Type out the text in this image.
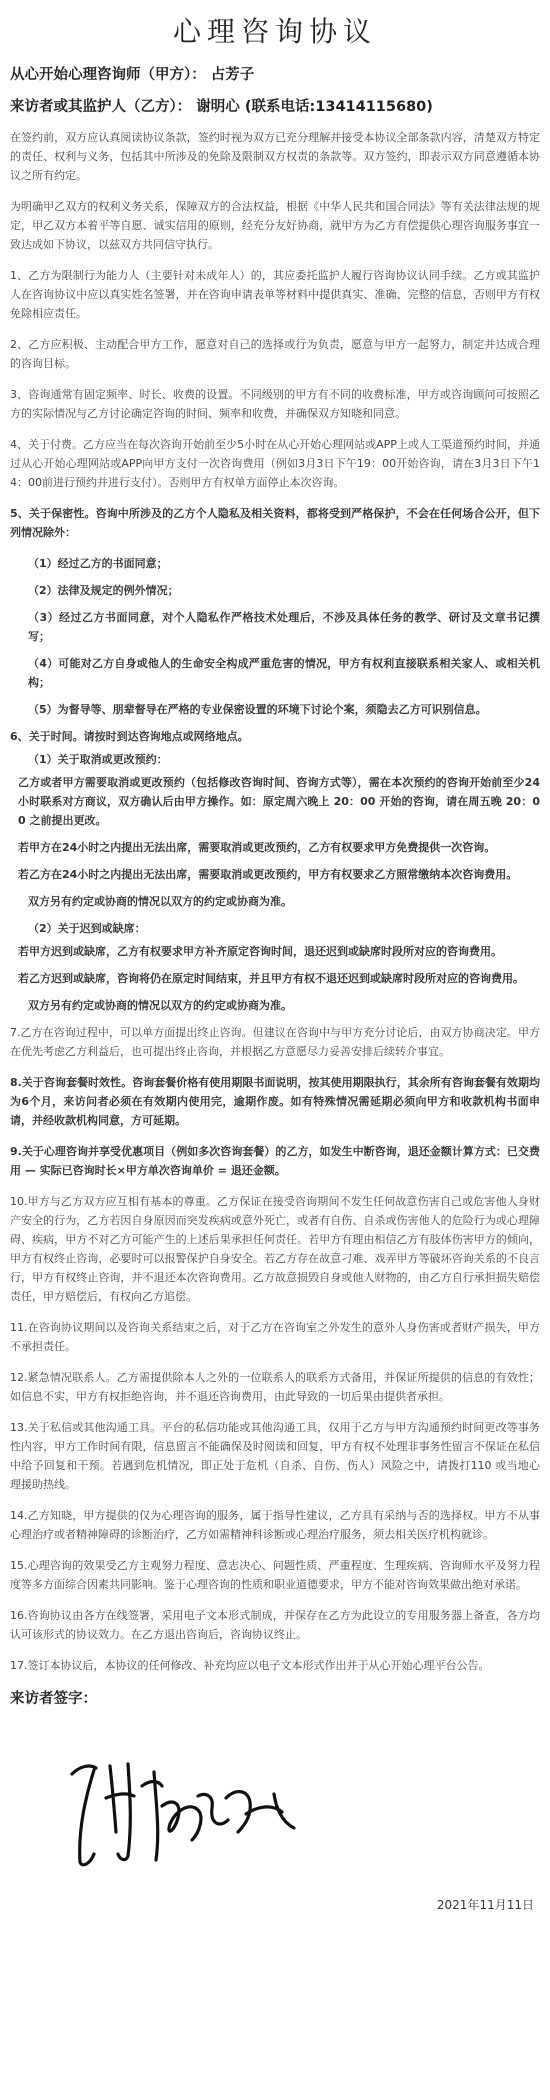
心理咨询协议
从心开始心理咨询师（甲方）： 占芳子
来访者或其监护人（乙方）： 谢明心 (联系电话:13414115680)

在签约前，双方应认真阅读协议条款，签约时视为双方已充分理解并接受本协议全部条款内容，清楚双方特定的责任、权利与义务，包括其中所涉及的免除及限制双方权责的条款等。双方签约，即表示双方同意遵循本协议之所有约定。

为明确甲乙双方的权利义务关系，保障双方的合法权益，根据《中华人民共和国合同法》等有关法律法规的规定，甲乙双方本着平等自愿、诚实信用的原则，经充分友好协商，就甲方为乙方有偿提供心理咨询服务事宜一致达成如下协议，以兹双方共同信守执行。

1、乙方为限制行为能力人（主要针对未成年人）的，其应委托监护人履行咨询协议认同手续。乙方或其监护人在咨询协议中应以真实姓名签署，并在咨询申请表单等材料中提供真实、准确、完整的信息，否则甲方有权免除相应责任。

2、乙方应积极、主动配合甲方工作，愿意对自己的选择或行为负责，愿意与甲方一起努力，制定并达成合理的咨询目标。

3、咨询通常有固定频率、时长、收费的设置。不同级别的甲方有不同的收费标准，甲方或咨询顾问可按照乙方的实际情况与乙方讨论确定咨询的时间、频率和收费，并确保双方知晓和同意。

4、关于付费。乙方应当在每次咨询开始前至少5小时在从心开始心理网站或APP上或人工渠道预约时间，并通过从心开始心理网站或APP向甲方支付一次咨询费用（例如3月3日下午19：00开始咨询，请在3月3日下午14：00前进行预约并进行支付）。否则甲方有权单方面停止本次咨询。

5、关于保密性。咨询中所涉及的乙方个人隐私及相关资料，都将受到严格保护，不会在任何场合公开，但下列情况除外：

（1）经过乙方的书面同意；

（2）法律及规定的例外情况；

（3）经过乙方书面同意，对个人隐私作严格技术处理后，不涉及具体任务的教学、研讨及文章书记撰写；

（4）可能对乙方自身或他人的生命安全构成严重危害的情况，甲方有权利直接联系相关家人、或相关机构；

（5）为督导等、朋辈督导在严格的专业保密设置的环境下讨论个案，须隐去乙方可识别信息。

6、关于时间。请按时到达咨询地点或网络地点。

（1）关于取消或更改预约：

乙方或者甲方需要取消或更改预约（包括修改咨询时间、咨询方式等），需在本次预约的咨询开始前至少24小时联系对方商议，双方确认后由甲方操作。如：原定周六晚上 20：00 开始的咨询，请在周五晚 20：00 之前提出更改。

若甲方在24小时之内提出无法出席，需要取消或更改预约，乙方有权要求甲方免费提供一次咨询。

若乙方在24小时之内提出无法出席，需要取消或更改预约，甲方有权要求乙方照常缴纳本次咨询费用。

双方另有约定或协商的情况以双方的约定或协商为准。

（2）关于迟到或缺席：

若甲方迟到或缺席，乙方有权要求甲方补齐原定咨询时间，退还迟到或缺席时段所对应的咨询费用。

若乙方迟到或缺席，咨询将仍在原定时间结束，并且甲方有权不退还迟到或缺席时段所对应的咨询费用。

双方另有约定或协商的情况以双方的约定或协商为准。

7.乙方在咨询过程中，可以单方面提出终止咨询。但建议在咨询中与甲方充分讨论后，由双方协商决定。甲方在优先考虑乙方利益后，也可提出终止咨询，并根据乙方意愿尽力妥善安排后续转介事宜。

8.关于咨询套餐时效性。咨询套餐价格有使用期限书面说明，按其使用期限执行，其余所有咨询套餐有效期均为6个月，来访问者必须在有效期内使用完，逾期作废。如有特殊情况需延期必须向甲方和收款机构书面申请，并经收款机构同意，方可延期。

9.关于心理咨询并享受优惠项目（例如多次咨询套餐）的乙方，如发生中断咨询，退还金额计算方式：已交费用 — 实际已咨询时长×甲方单次咨询单价 = 退还金额。

10.甲方与乙方双方应互相有基本的尊重。乙方保证在接受咨询期间不发生任何故意伤害自己或危害他人身财产安全的行为，乙方若因自身原因而突发疾病或意外死亡，或者有自伤、自杀或伤害他人的危险行为或心理障碍、疾病，甲方不对乙方可能产生的上述后果承担任何责任。若甲方有理由相信乙方有肢体伤害甲方的倾向，甲方有权终止咨询，必要时可以报警保护自身安全。若乙方存在故意刁难、戏弄甲方等破坏咨询关系的不良言行，甲方有权终止咨询，并不退还本次咨询费用。乙方故意损毁自身或他人财物的，由乙方自行承担损失赔偿责任，甲方赔偿后，有权向乙方追偿。

11.在咨询协议期间以及咨询关系结束之后，对于乙方在咨询室之外发生的意外人身伤害或者财产损失，甲方不承担责任。

12.紧急情况联系人。乙方需提供除本人之外的一位联系人的联系方式备用，并保证所提供的信息的有效性；如信息不实，甲方有权拒绝咨询，并不退还咨询费用，由此导致的一切后果由提供者承担。

13.关于私信或其他沟通工具。平台的私信功能或其他沟通工具，仅用于乙方与甲方沟通预约时间更改等事务性内容，甲方工作时间有限，信息留言不能确保及时阅读和回复，甲方有权不处理非事务性留言不保证在私信中给予回复和干预。若遇到危机情况，即正处于危机（自杀、自伤、伤人）风险之中，请拨打110 或当地心理援助热线。

14.乙方知晓，甲方提供的仅为心理咨询的服务，属于指导性建议，乙方具有采纳与否的选择权。甲方不从事心理治疗或者精神障碍的诊断治疗，乙方如需精神科诊断或心理治疗服务，须去相关医疗机构就诊。

15.心理咨询的效果受乙方主观努力程度、意志决心、问题性质、严重程度、生理疾病、咨询师水平及努力程度等多方面综合因素共同影响。鉴于心理咨询的性质和职业道德要求，甲方不能对咨询效果做出绝对承诺。

16.咨询协议由各方在线签署，采用电子文本形式制成，并保存在乙方为此设立的专用服务器上备查，各方均认可该形式的协议效力。在乙方退出咨询后，咨询协议终止。

17.签订本协议后，本协议的任何修改、补充均应以电子文本形式作出并于从心开始心理平台公告。

来访者签字：
2021年11月11日
